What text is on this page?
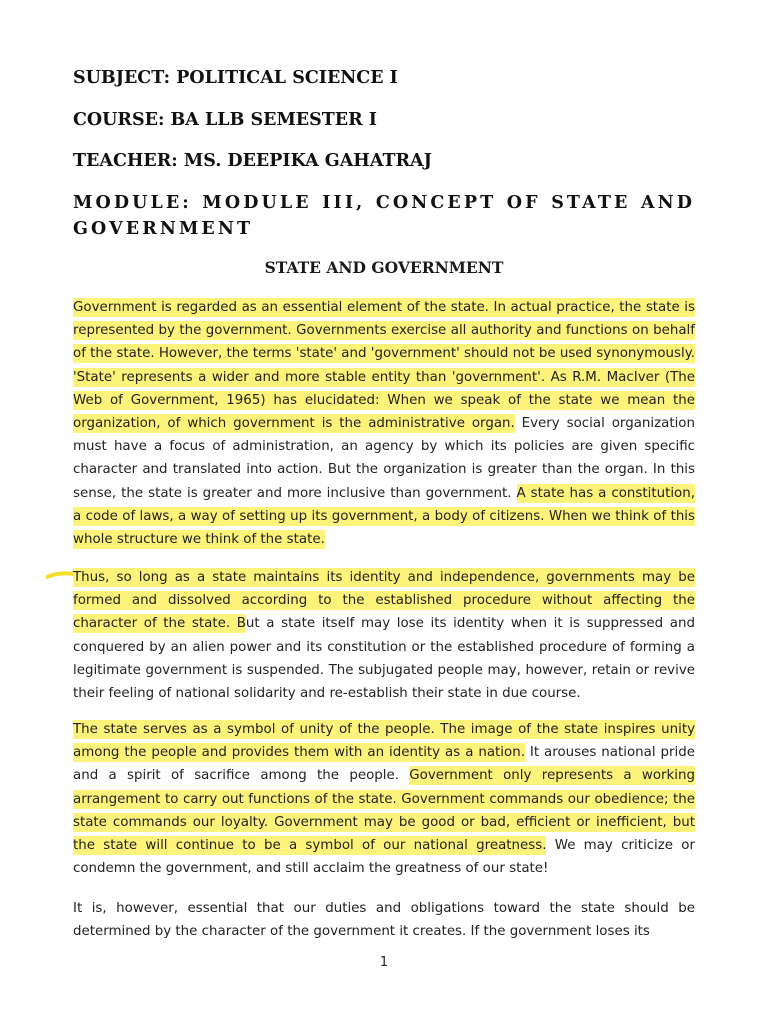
SUBJECT: POLITICAL SCIENCE I

COURSE: BA LLB SEMESTER I

TEACHER: MS. DEEPIKA GAHATRAJ

MODULE: MODULE III, CONCEPT OF STATE AND GOVERNMENT

STATE AND GOVERNMENT

Government is regarded as an essential element of the state. In actual practice, the state is represented by the government. Governments exercise all authority and functions on behalf of the state. However, the terms 'state' and 'government' should not be used synonymously. 'State' represents a wider and more stable entity than 'government'. As R.M. MacIver (The Web of Government, 1965) has elucidated: When we speak of the state we mean the organization, of which government is the administrative organ. Every social organization must have a focus of administration, an agency by which its policies are given specific character and translated into action. But the organization is greater than the organ. In this sense, the state is greater and more inclusive than government. A state has a constitution, a code of laws, a way of setting up its government, a body of citizens. When we think of this whole structure we think of the state.

Thus, so long as a state maintains its identity and independence, governments may be formed and dissolved according to the established procedure without affecting the character of the state. But a state itself may lose its identity when it is suppressed and conquered by an alien power and its constitution or the established procedure of forming a legitimate government is suspended. The subjugated people may, however, retain or revive their feeling of national solidarity and re-establish their state in due course.

The state serves as a symbol of unity of the people. The image of the state inspires unity among the people and provides them with an identity as a nation. It arouses national pride and a spirit of sacrifice among the people. Government only represents a working arrangement to carry out functions of the state. Government commands our obedience; the state commands our loyalty. Government may be good or bad, efficient or inefficient, but the state will continue to be a symbol of our national greatness. We may criticize or condemn the government, and still acclaim the greatness of our state!

It is, however, essential that our duties and obligations toward the state should be determined by the character of the government it creates. If the government loses its

1
